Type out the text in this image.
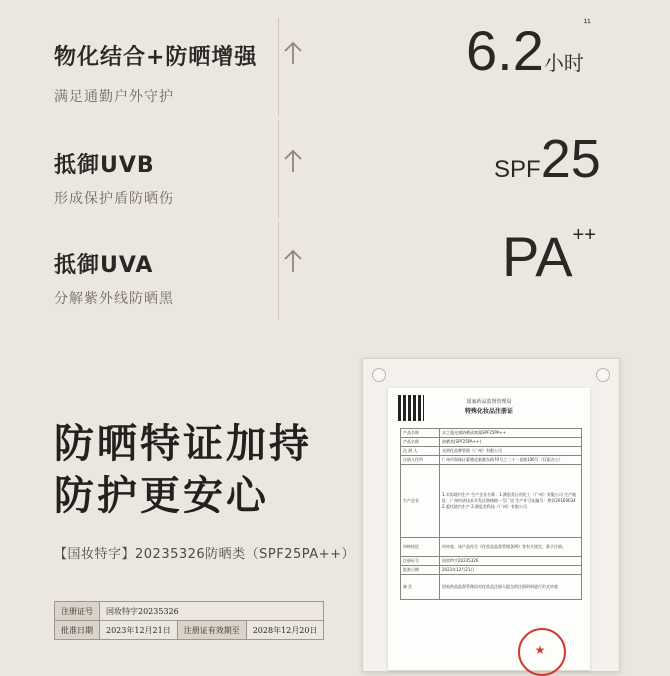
物化结合+防晒增强
满足通勤户外守护
6.2小时$^{^{11}}$
抵御UVB
形成保护盾防晒伤
SPF25
抵御UVA
分解紫外线防晒黑
PA++
防晒特证加持
防护更安心
【国妆特字】20235326防晒类（SPF25PA++）
注册证号	国妆特字20235326		
批准日期	2023年12月21日	注册证有效期至	2028年12月20日
国家药品监督管理局
特殊化妆品注册证
产品名称	水之蔻光感防晒清爽霜SPF25PA++
产品名称	防晒类(SPF25PA++)
注 册 人	光明化品牌管理（广州）有限公司
注册人住所	广州市海珠区素塘北新港东路70号之二十一直辖106号（仅限办公）
生产企业	1.实际境内生产 生产企业名称：1.澳思美日用化工（广州）有限公司 生产地址：广州经济技术开发区锦绣路一号厂房 生产许可证编号：粤妆20160034 2.委托境内生产 2.澳思美科技（广州）有限公司
审核结论	经审查，该产品符合《化妆品监督管理条例》等有关规定，准予注册。
注册证号	国妆特字20235326
批准日期	2023年12月21日
备 注	国家药品监督管理局对化妆品注册人提交的注册资料进行形式审查
★
